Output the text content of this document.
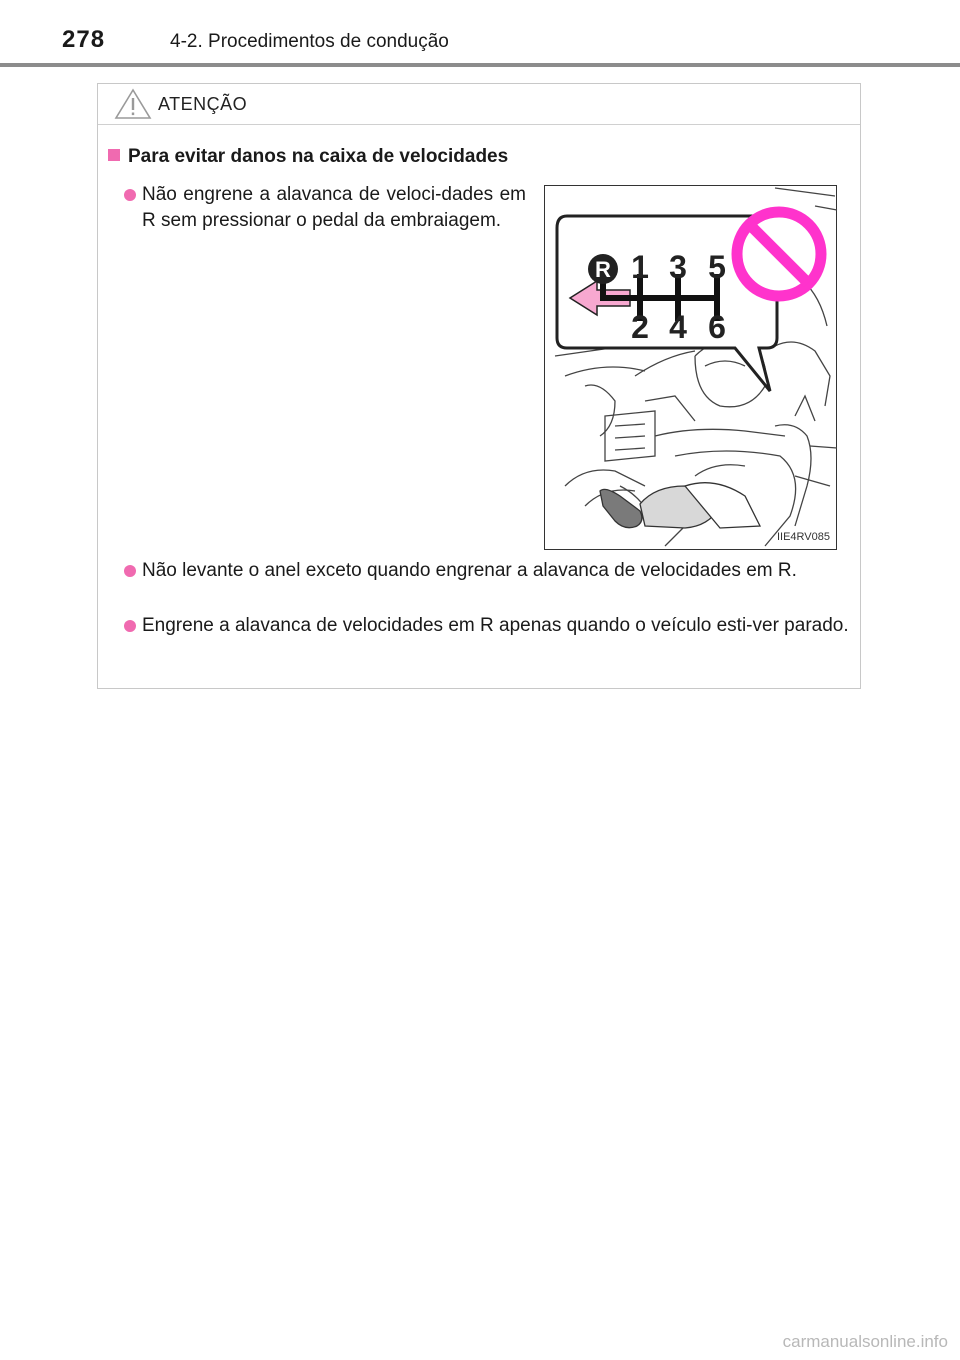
278	4-2. Procedimentos de condução
ATENÇÃO
Para evitar danos na caixa de velocidades
Não engrene a alavanca de veloci-dades em R sem pressionar o pedal da embraiagem.
R 1 3 5
2 4 6
IIE4RV085
Não levante o anel exceto quando engrenar a alavanca de velocidades em R.
Engrene a alavanca de velocidades em R apenas quando o veículo esti-ver parado.
carmanualsonline.info
